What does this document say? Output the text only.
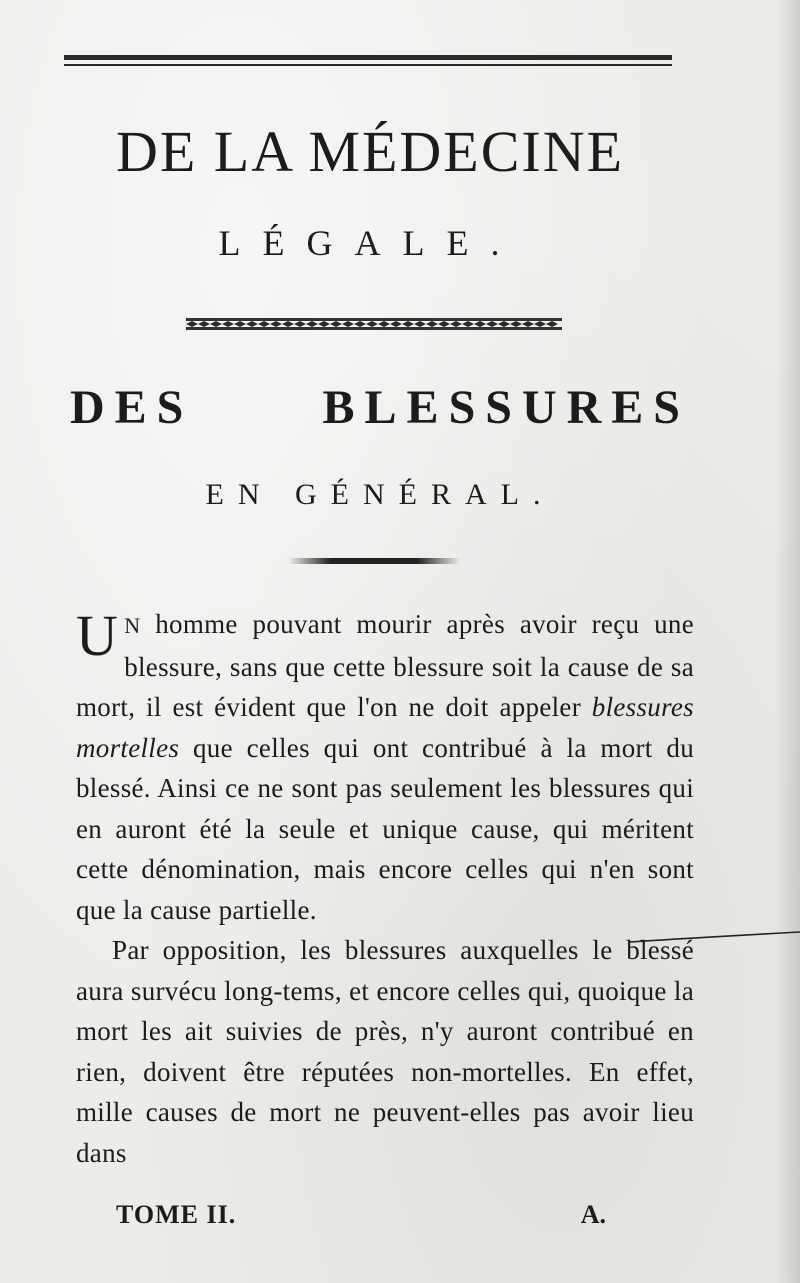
DE LA MÉDECINE
LÉGALE.
DES BLESSURES
EN GÉNÉRAL.

U N homme pouvant mourir après avoir reçu une blessure, sans que cette blessure soit la cause de sa mort, il est évident que l'on ne doit appeler blessures mortelles que celles qui ont contribué à la mort du blessé. Ainsi ce ne sont pas seulement les blessures qui en auront été la seule et unique cause, qui méritent cette dénomination, mais encore celles qui n'en sont que la cause partielle.

Par opposition, les blessures auxquelles le blessé aura survécu long-tems, et encore celles qui, quoique la mort les ait suivies de près, n'y auront contribué en rien, doivent être réputées non-mortelles. En effet, mille causes de mort ne peuvent-elles pas avoir lieu dans

TOME II.	A.
